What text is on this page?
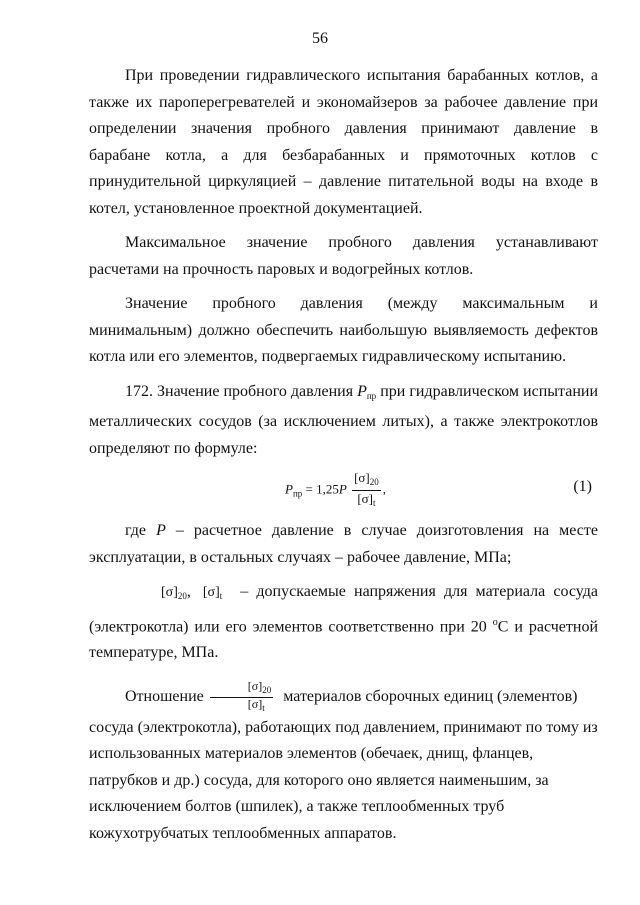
56

При проведении гидравлического испытания барабанных котлов, а также их пароперегревателей и экономайзеров за рабочее давление при определении значения пробного давления принимают давление в барабане котла, а для безбарабанных и прямоточных котлов с принудительной циркуляцией – давление питательной воды на входе в котел, установленное проектной документацией.

Максимальное значение пробного давления устанавливают расчетами на прочность паровых и водогрейных котлов.

Значение пробного давления (между максимальным и минимальным) должно обеспечить наибольшую выявляемость дефектов котла или его элементов, подвергаемых гидравлическому испытанию.

172. Значение пробного давления $P_{пр}$ при гидравлическом испытании металлических сосудов (за исключением литых), а также электрокотлов определяют по формуле:

$P_{пр} = 1,25P \frac{[\sigma]_{20}}{[\sigma]_t}$ ,	(1)

где P – расчетное давление в случае доизготовления на месте эксплуатации, в остальных случаях – рабочее давление, МПа;

$[\sigma]_{20}$, $[\sigma]_t$ – допускаемые напряжения для материала сосуда (электрокотла) или его элементов соответственно при 20 $^о$С и расчетной температуре, МПа.

Отношение $\frac{[\sigma]_{20}}{[\sigma]_t}$ материалов сборочных единиц (элементов) сосуда (электрокотла), работающих под давлением, принимают по тому из использованных материалов элементов (обечаек, днищ, фланцев, патрубков и др.) сосуда, для которого оно является наименьшим, за исключением болтов (шпилек), а также теплообменных труб кожухотрубчатых теплообменных аппаратов.
